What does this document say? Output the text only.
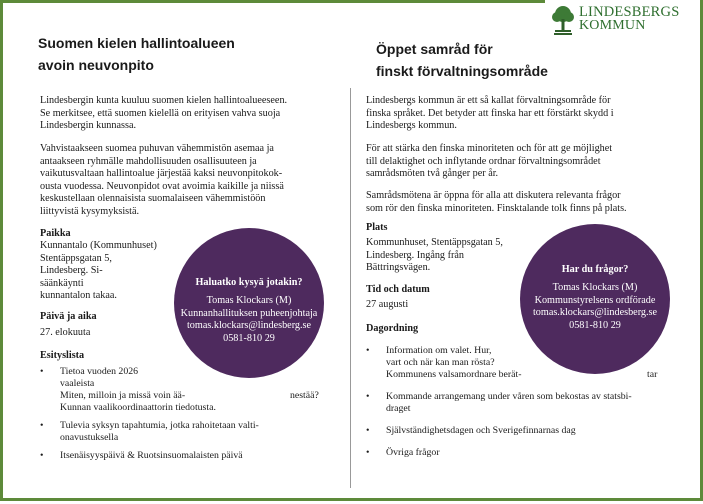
LINDESBERGS
KOMMUN
Suomen kielen hallintoalueen
avoin neuvonpito
Lindesbergin kunta kuuluu suomen kielen hallintoalueeseen.
Se merkitsee, että suomen kielellä on erityisen vahva suoja
Lindesbergin kunnassa.
Vahvistaakseen suomea puhuvan vähemmistön asemaa ja
antaakseen ryhmälle mahdollisuuden osallisuuteen ja
vaikutusvaltaan hallintoalue järjestää kaksi neuvonpitokok-
ousta vuodessa. Neuvonpidot ovat avoimia kaikille ja niissä
keskustellaan olennaisista suomalaiseen vähemmistöön
liittyvistä kysymyksistä.
Paikka
Kunnantalo (Kommunhuset)
Stentäppsgatan 5,
Lindesberg. Si-
säänkäynti
kunnantalon takaa.
Päivä ja aika
27. elokuuta
Esityslista
• Tietoa vuoden 2026
vaaleista
Miten, milloin ja missä voin ää-	nestää?
Kunnan vaalikoordinaattorin tiedotusta.
• Tulevia syksyn tapahtumia, jotka rahoitetaan valti-
onavustuksella
• Itsenäisyyspäivä & Ruotsinsuomalaisten päivä
Haluatko kysyä jotakin?
Tomas Klockars (M)
Kunnanhallituksen puheenjohtaja
tomas.klockars@lindesberg.se
0581-810 29
Öppet samråd för
finskt förvaltningsområde
Lindesbergs kommun är ett så kallat förvaltningsområde för
finska språket. Det betyder att finska har ett förstärkt skydd i
Lindesbergs kommun.
För att stärka den finska minoriteten och för att ge möjlighet
till delaktighet och inflytande ordnar förvaltningsområdet
samrådsmöten två gånger per år.
Samrådsmötena är öppna för alla att diskutera relevanta frågor
som rör den finska minoriteten. Finsktalande tolk finns på plats.
Plats
Kommunhuset, Stentäppsgatan 5,
Lindesberg. Ingång från
Bättringsvägen.
Tid och datum
27 augusti
Dagordning
• Information om valet. Hur,
vart och när kan man rösta?
Kommunens valsamordnare berät-	tar
• Kommande arrangemang under våren som bekostas av statsbi-
draget
• Självständighetsdagen och Sverigefinnarnas dag
• Övriga frågor
Har du frågor?
Tomas Klockars (M)
Kommunstyrelsens ordförade
tomas.klockars@lindesberg.se
0581-810 29
